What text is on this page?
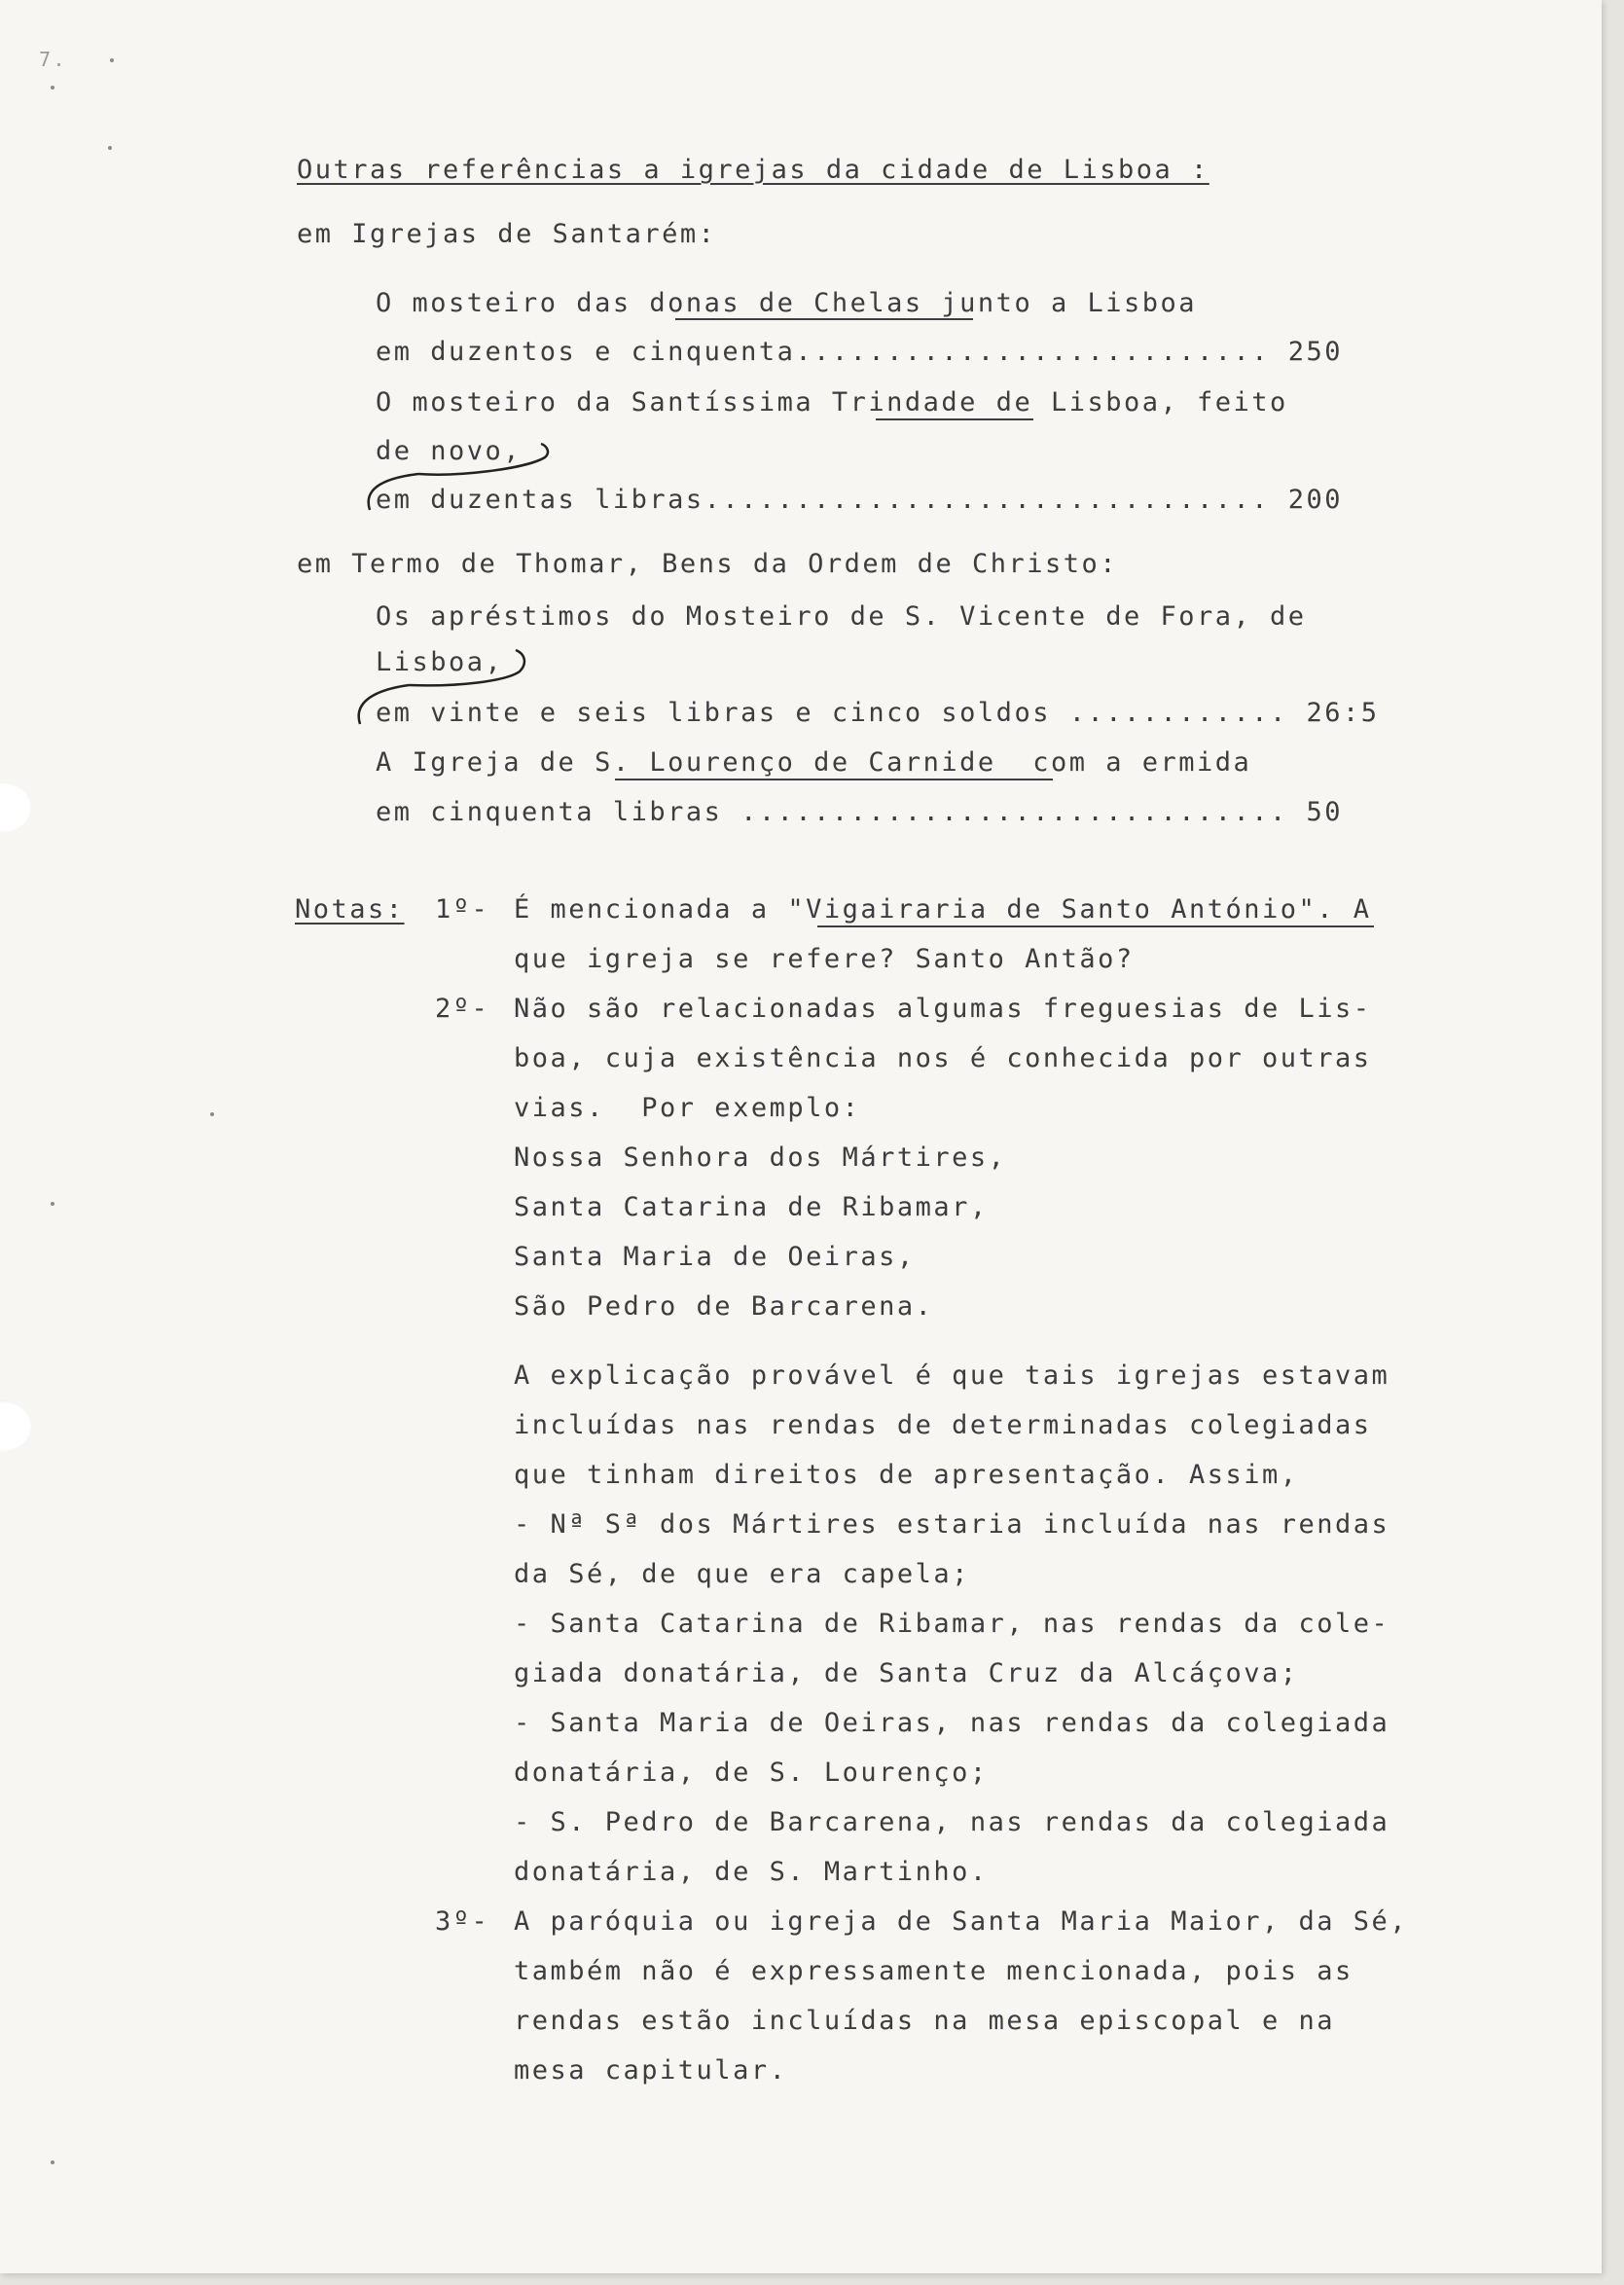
7.
Outras referências a igrejas da cidade de Lisboa :
em Igrejas de Santarém:
O mosteiro das donas de Chelas junto a Lisboa
em duzentos e cinquenta.......................... 250
O mosteiro da Santíssima Trindade de Lisboa, feito
de novo,
em duzentas libras............................... 200
em Termo de Thomar, Bens da Ordem de Christo:
Os apréstimos do Mosteiro de S. Vicente de Fora, de
Lisboa,
em vinte e seis libras e cinco soldos ............ 26:5
A Igreja de S. Lourenço de Carnide  com a ermida
em cinquenta libras .............................. 50
Notas: 1º- É mencionada a "Vigairaria de Santo António". A
que igreja se refere? Santo Antão?
2º- Não são relacionadas algumas freguesias de Lis-
boa, cuja existência nos é conhecida por outras
vias.  Por exemplo:
Nossa Senhora dos Mártires,
Santa Catarina de Ribamar,
Santa Maria de Oeiras,
São Pedro de Barcarena.
A explicação provável é que tais igrejas estavam
incluídas nas rendas de determinadas colegiadas
que tinham direitos de apresentação. Assim,
- Nª Sª dos Mártires estaria incluída nas rendas
da Sé, de que era capela;
- Santa Catarina de Ribamar, nas rendas da cole-
giada donatária, de Santa Cruz da Alcáçova;
- Santa Maria de Oeiras, nas rendas da colegiada
donatária, de S. Lourenço;
- S. Pedro de Barcarena, nas rendas da colegiada
donatária, de S. Martinho.
3º- A paróquia ou igreja de Santa Maria Maior, da Sé,
também não é expressamente mencionada, pois as
rendas estão incluídas na mesa episcopal e na
mesa capitular.
